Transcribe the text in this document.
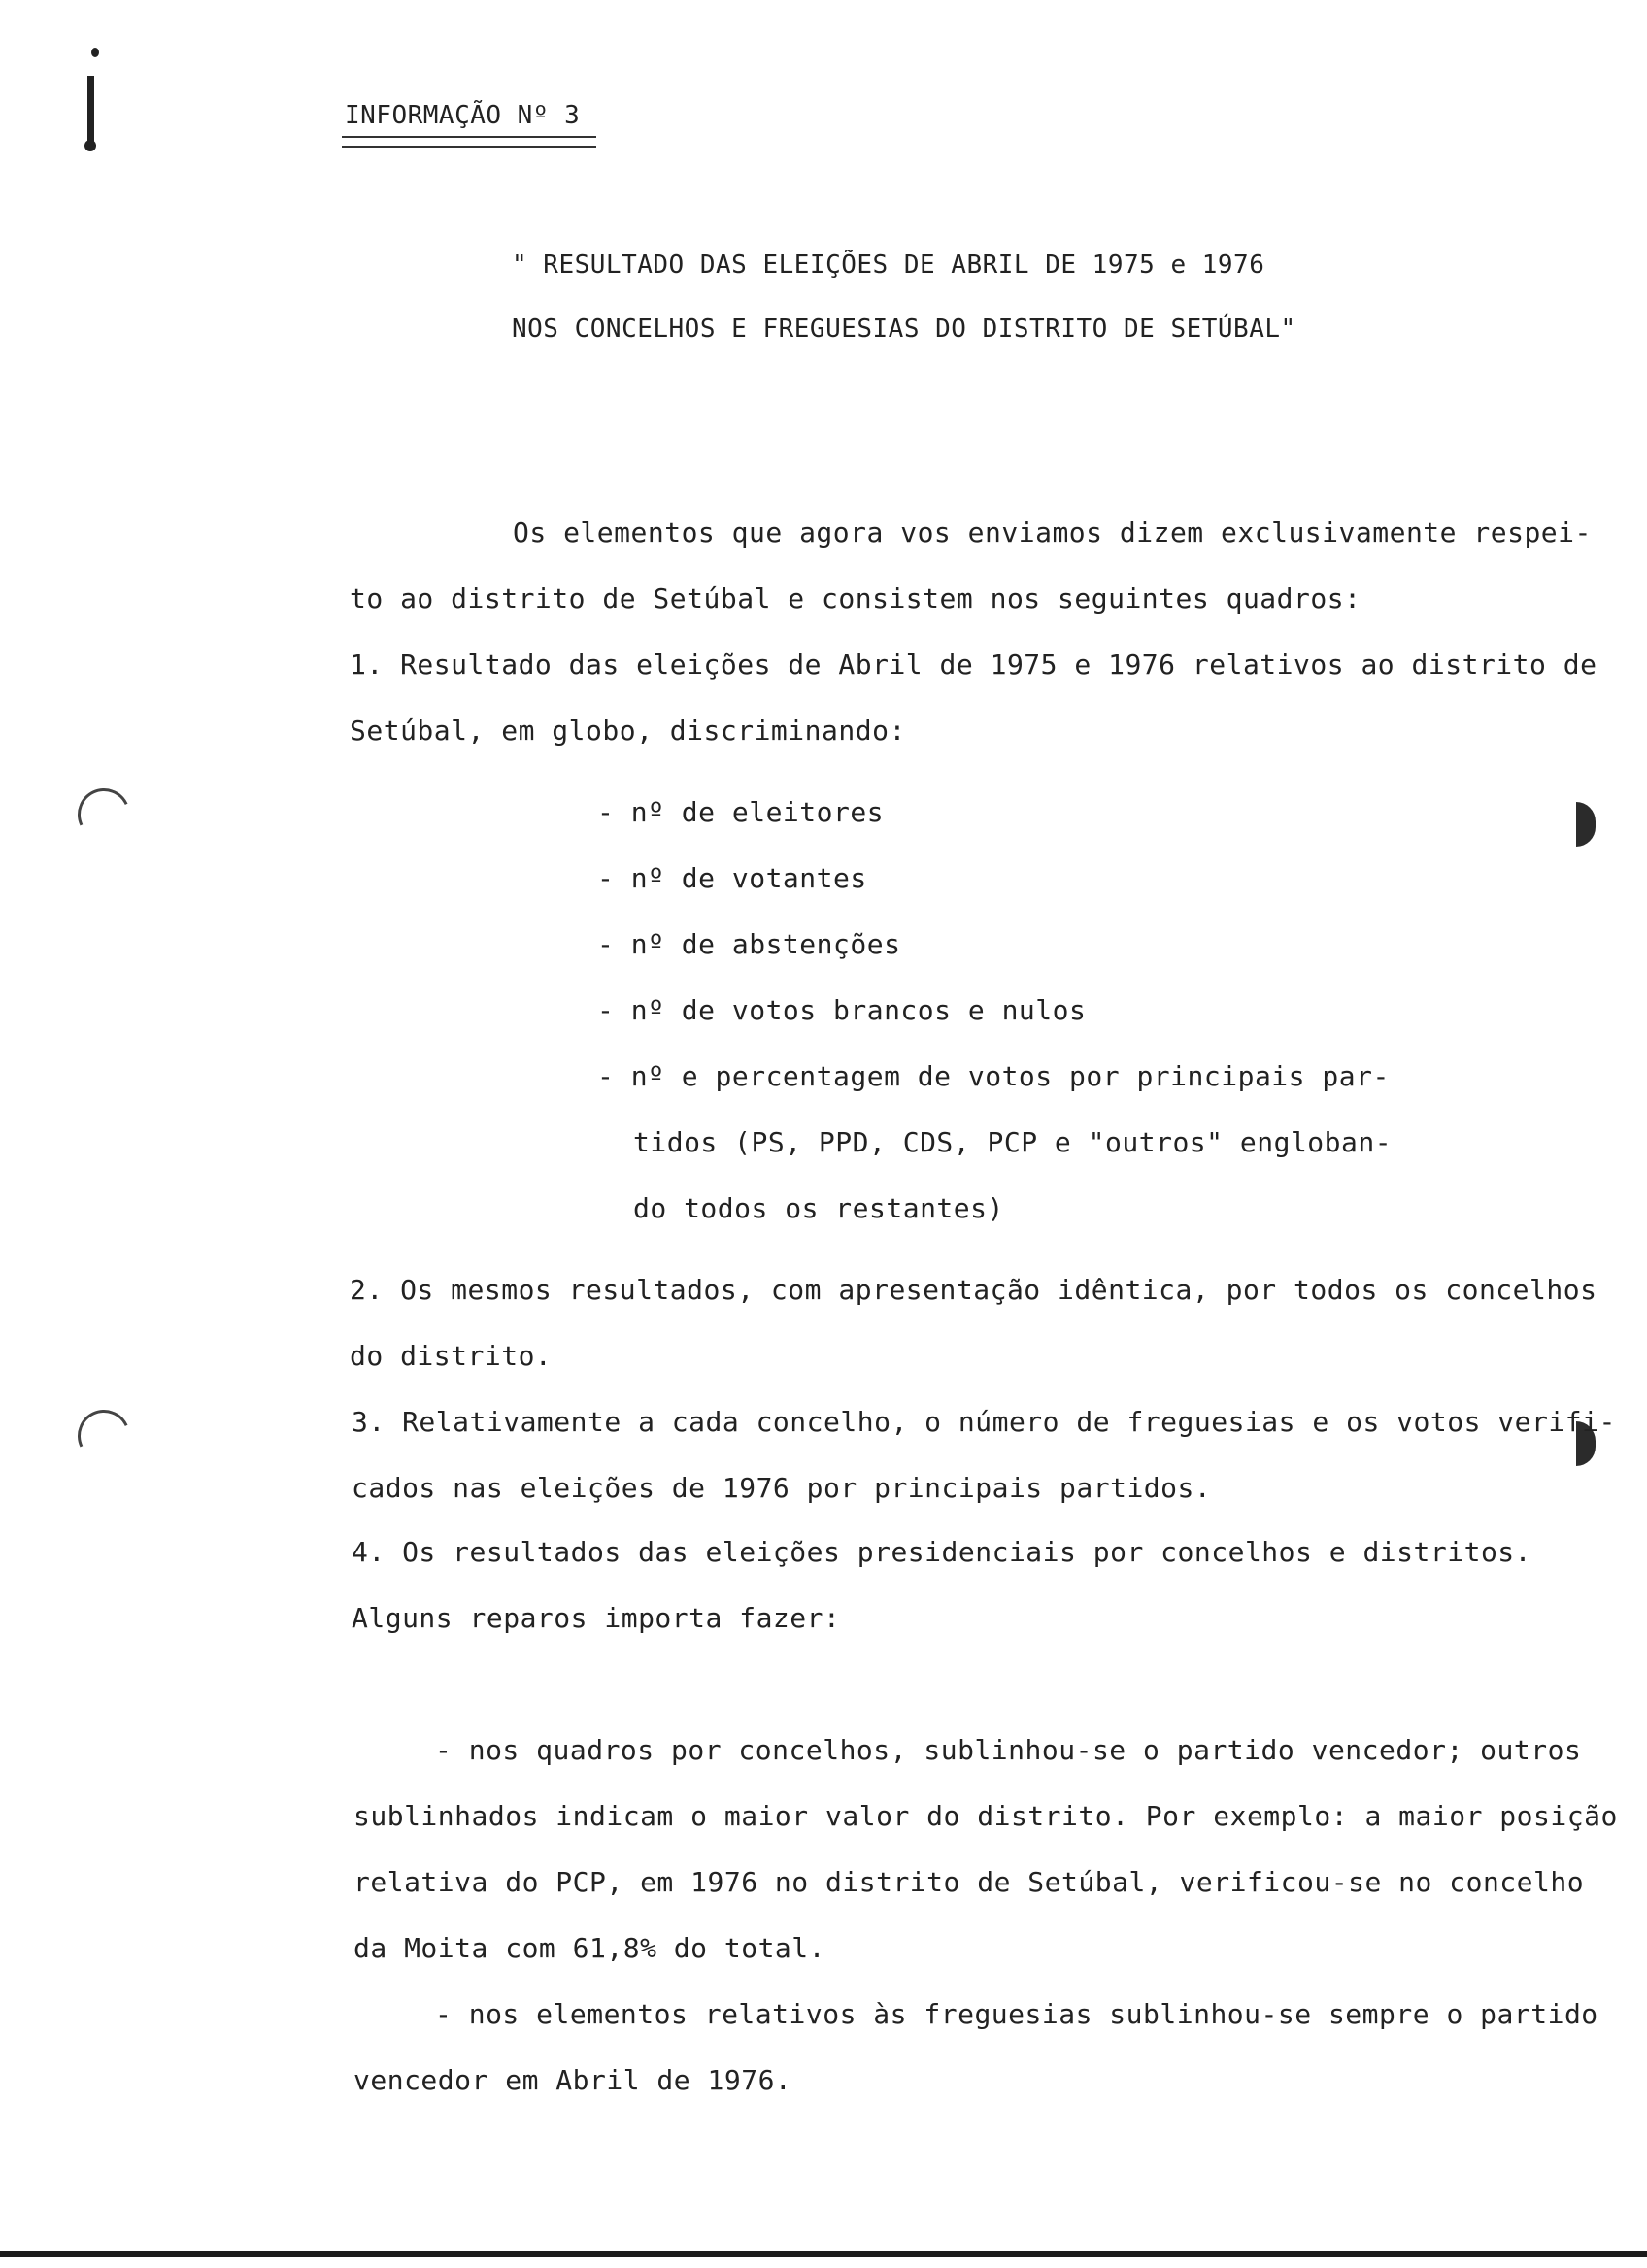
INFORMAÇÃO Nº 3
" RESULTADO DAS ELEIÇÕES DE ABRIL DE 1975 e 1976
NOS CONCELHOS E FREGUESIAS DO DISTRITO DE SETÚBAL"
Os elementos que agora vos enviamos dizem exclusivamente respei-
to ao distrito de Setúbal e consistem nos seguintes quadros:
1. Resultado das eleições de Abril de 1975 e 1976 relativos ao distrito de
Setúbal, em globo, discriminando:
- nº de eleitores
- nº de votantes
- nº de abstenções
- nº de votos brancos e nulos
- nº e percentagem de votos por principais par-
tidos (PS, PPD, CDS, PCP e "outros" engloban-
do todos os restantes)
2. Os mesmos resultados, com apresentação idêntica, por todos os concelhos
do distrito.
3. Relativamente a cada concelho, o número de freguesias e os votos verifi-
cados nas eleições de 1976 por principais partidos.
4. Os resultados das eleições presidenciais por concelhos e distritos.
Alguns reparos importa fazer:
- nos quadros por concelhos, sublinhou-se o partido vencedor; outros
sublinhados indicam o maior valor do distrito. Por exemplo: a maior posição
relativa do PCP, em 1976 no distrito de Setúbal, verificou-se no concelho
da Moita com 61,8% do total.
- nos elementos relativos às freguesias sublinhou-se sempre o partido
vencedor em Abril de 1976.
